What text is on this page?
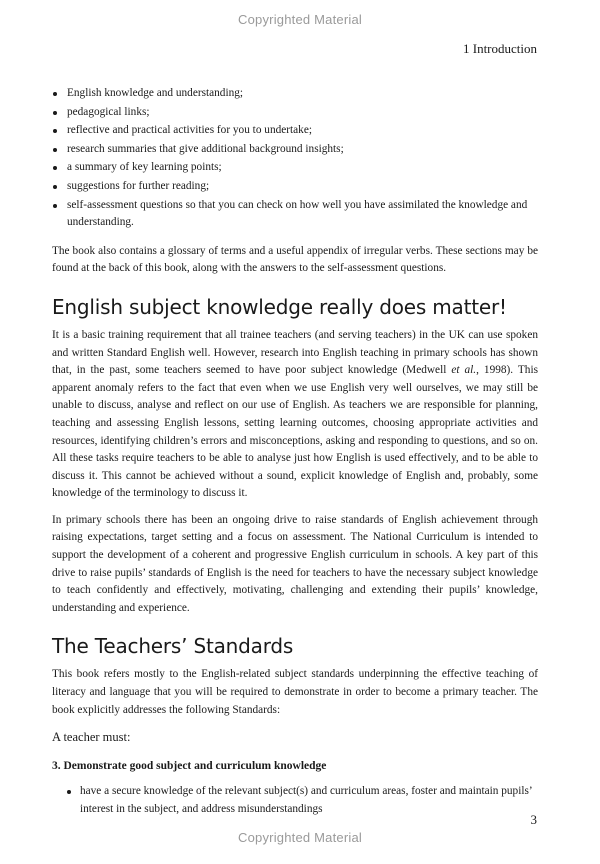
Copyrighted Material
1 Introduction
English knowledge and understanding;
pedagogical links;
reflective and practical activities for you to undertake;
research summaries that give additional background insights;
a summary of key learning points;
suggestions for further reading;
self-assessment questions so that you can check on how well you have assimilated the knowledge and understanding.

The book also contains a glossary of terms and a useful appendix of irregular verbs. These sections may be found at the back of this book, along with the answers to the self-assessment questions.

English subject knowledge really does matter!

It is a basic training requirement that all trainee teachers (and serving teachers) in the UK can use spoken and written Standard English well. However, research into English teaching in primary schools has shown that, in the past, some teachers seemed to have poor subject knowledge (Medwell et al., 1998). This apparent anomaly refers to the fact that even when we use English very well ourselves, we may still be unable to discuss, analyse and reflect on our use of English. As teachers we are responsible for planning, teaching and assessing English lessons, setting learning outcomes, choosing appropriate activities and resources, identifying children’s errors and misconceptions, asking and responding to questions, and so on. All these tasks require teachers to be able to analyse just how English is used effectively, and to be able to discuss it. This cannot be achieved without a sound, explicit knowledge of English and, probably, some knowledge of the terminology to discuss it.

In primary schools there has been an ongoing drive to raise standards of English achievement through raising expectations, target setting and a focus on assessment. The National Curriculum is intended to support the development of a coherent and progressive English curriculum in schools. A key part of this drive to raise pupils’ standards of English is the need for teachers to have the necessary subject knowledge to teach confidently and effectively, motivating, challenging and extending their pupils’ knowledge, understanding and experience.

The Teachers’ Standards

This book refers mostly to the English-related subject standards underpinning the effective teaching of literacy and language that you will be required to demonstrate in order to become a primary teacher. The book explicitly addresses the following Standards:

A teacher must:
3. Demonstrate good subject and curriculum knowledge
have a secure knowledge of the relevant subject(s) and curriculum areas, foster and maintain pupils’ interest in the subject, and address misunderstandings
3
Copyrighted Material
